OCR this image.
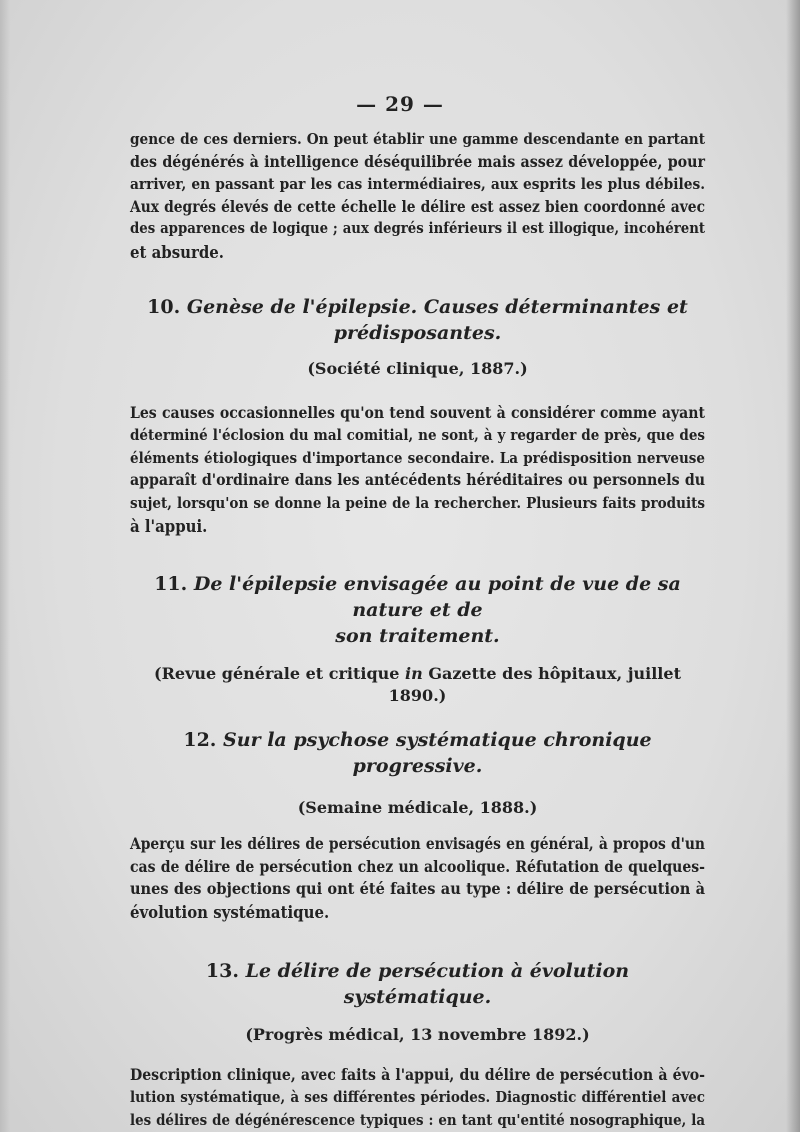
— 29 —

gence de ces derniers. On peut établir une gamme descendante en partant
des dégénérés à intelligence déséquilibrée mais assez développée, pour
arriver, en passant par les cas intermédiaires, aux esprits les plus débiles.
Aux degrés élevés de cette échelle le délire est assez bien coordonné avec
des apparences de logique ; aux degrés inférieurs il est illogique, incohérent
et absurde.

10. Genèse de l'épilepsie. Causes déterminantes et
prédisposantes.

(Société clinique, 1887.)

Les causes occasionnelles qu'on tend souvent à considérer comme ayant
déterminé l'éclosion du mal comitial, ne sont, à y regarder de près, que des
éléments étiologiques d'importance secondaire. La prédisposition nerveuse
apparaît d'ordinaire dans les antécédents héréditaires ou personnels du
sujet, lorsqu'on se donne la peine de la rechercher. Plusieurs faits produits
à l'appui.

11. De l'épilepsie envisagée au point de vue de sa nature et de
son traitement.

(Revue générale et critique in Gazette des hôpitaux, juillet 1890.)

12. Sur la psychose systématique chronique progressive.

(Semaine médicale, 1888.)

Aperçu sur les délires de persécution envisagés en général, à propos d'un
cas de délire de persécution chez un alcoolique. Réfutation de quelques-
unes des objections qui ont été faites au type : délire de persécution à
évolution systématique.

13. Le délire de persécution à évolution systématique.

(Progrès médical, 13 novembre 1892.)

Description clinique, avec faits à l'appui, du délire de persécution à évo-
lution systématique, à ses différentes périodes. Diagnostic différentiel avec
les délires de dégénérescence typiques : en tant qu'entité nosographique, la
